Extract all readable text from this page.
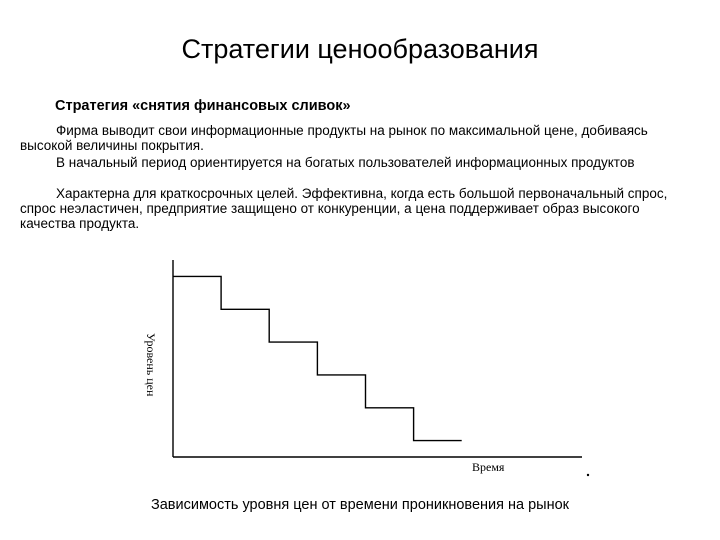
Стратегии ценообразования
Стратегия «снятия финансовых сливок»
Фирма выводит свои информационные продукты на рынок по максимальной цене, добиваясь высокой величины покрытия.
В начальный период ориентируется на богатых пользователей информационных продуктов
Характерна для краткосрочных целей. Эффективна, когда есть большой первоначальный спрос, спрос неэластичен, предприятие защищено от конкуренции, а цена поддерживает образ высокого качества продукта.
Время
Уровень цен
Зависимость уровня цен от времени проникновения на рынок
